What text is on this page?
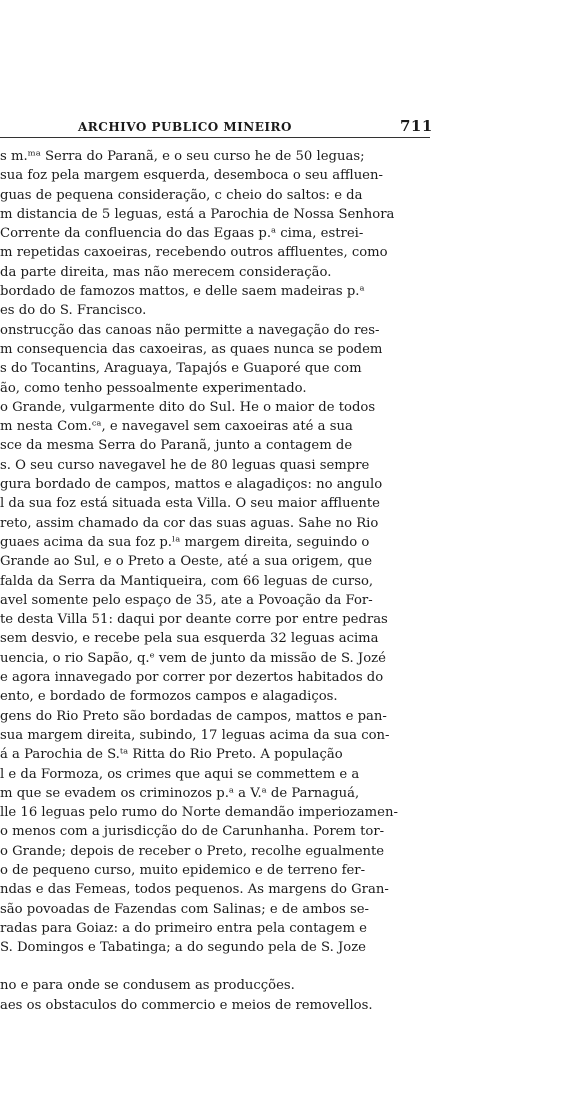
ARCHIVO PUBLICO MINEIRO	711
s m.ᵐᵃ Serra do Paranã, e o seu curso he de 50 leguas;
sua foz pela margem esquerda, desemboca o seu affluen-
guas de pequena consideração, c cheio do saltos: e da
m distancia de 5 leguas, está a Parochia de Nossa Senhora
Corrente da confluencia do das Egaas p.ᵃ cima, estrei-
m repetidas caxoeiras, recebendo outros affluentes, como
da parte direita, mas não merecem consideração.
bordado de famozos mattos, e delle saem madeiras p.ᵃ
es do do S. Francisco.
onstrucção das canoas não permitte a navegação do res-
m consequencia das caxoeiras, as quaes nunca se podem
s do Tocantins, Araguaya, Tapajós e Guaporé que com
ão, como tenho pessoalmente experimentado.
o Grande, vulgarmente dito do Sul. He o maior de todos
m nesta Com.ᶜᵃ, e navegavel sem caxoeiras até a sua
sce da mesma Serra do Paranã, junto a contagem de
s. O seu curso navegavel he de 80 leguas quasi sempre
gura bordado de campos, mattos e alagadiços: no angulo
l da sua foz está situada esta Villa. O seu maior affluente
reto, assim chamado da cor das suas aguas. Sahe no Rio
guaes acima da sua foz p.ˡᵃ margem direita, seguindo o
Grande ao Sul, e o Preto a Oeste, até a sua origem, que
falda da Serra da Mantiqueira, com 66 leguas de curso,
avel somente pelo espaço de 35, ate a Povoação da For-
te desta Villa 51: daqui por deante corre por entre pedras
sem desvio, e recebe pela sua esquerda 32 leguas acima
uencia, o rio Sapão, q.ᵉ vem de junto da missão de S. Jozé
e agora innavegado por correr por dezertos habitados do
ento, e bordado de formozos campos e alagadiços.
gens do Rio Preto são bordadas de campos, mattos e pan-
sua margem direita, subindo, 17 leguas acima da sua con-
á a Parochia de S.ᵗᵃ Ritta do Rio Preto. A população
l e da Formoza, os crimes que aqui se commettem e a
m que se evadem os criminozos p.ᵃ a V.ᵃ de Parnaguá,
lle 16 leguas pelo rumo do Norte demandão imperiozamen-
o menos com a jurisdicção do de Carunhanha. Porem tor-
o Grande; depois de receber o Preto, recolhe egualmente
o de pequeno curso, muito epidemico e de terreno fer-
ndas e das Femeas, todos pequenos. As margens do Gran-
são povoadas de Fazendas com Salinas; e de ambos se-
radas para Goiaz: a do primeiro entra pela contagem e
S. Domingos e Tabatinga; a do segundo pela de S. Joze
no e para onde se condusem as producções.
aes os obstaculos do commercio e meios de removellos.
